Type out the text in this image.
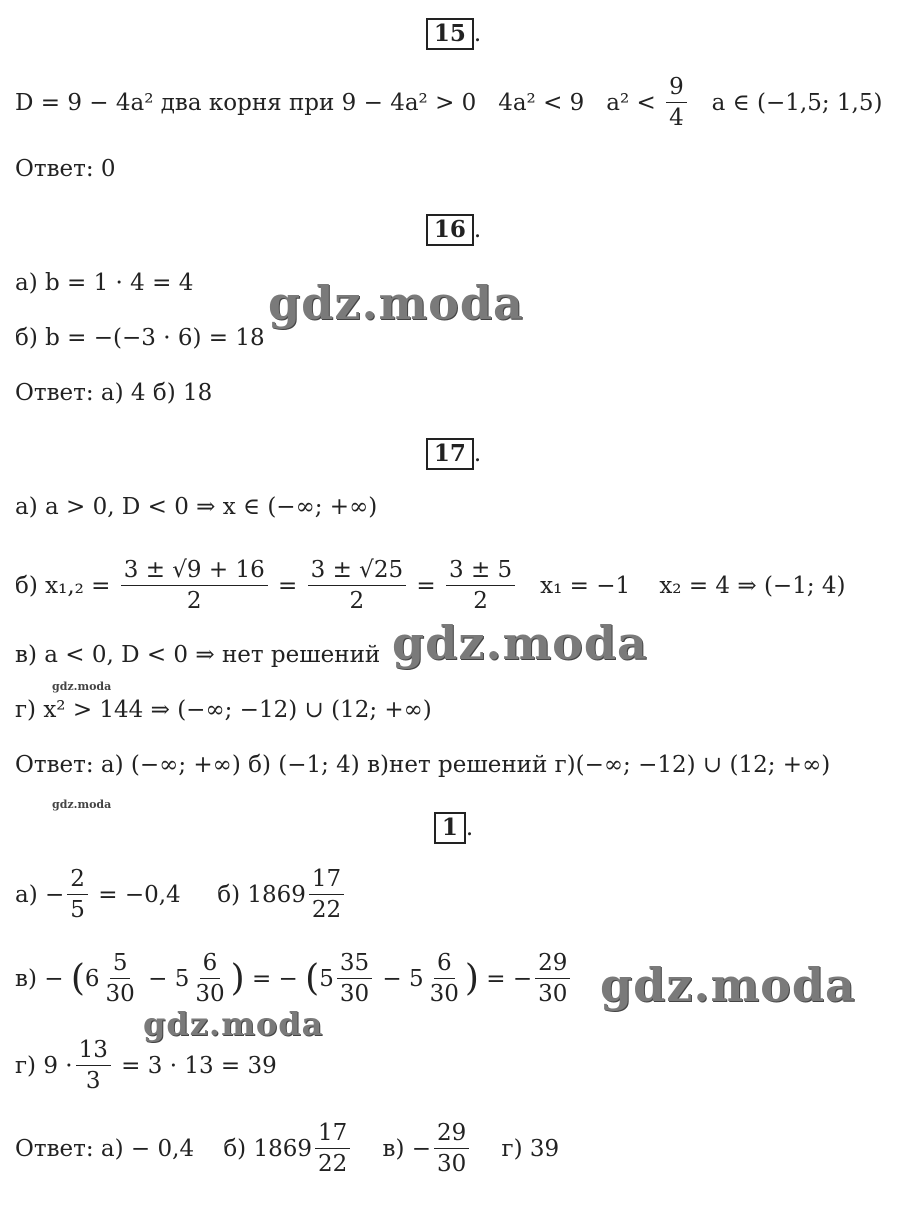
15 .
D = 9 − 4a² два корня при 9 − 4a² > 0   4a² < 9   $a^2 < \frac{9}{4}$ a ∈ (−1,5; 1,5)
Ответ: 0
16 .
а) b = 1 · 4 = 4
б) b = −(−3 · 6) = 18
Ответ: а) 4 б) 18
17 .
а) a > 0, D < 0 ⇒ x ∈ (−∞; +∞)
б) $x_1,_2 = \frac{3 \pm √9 + 16}{2} = \frac{3 \pm √25}{2} = \frac{3 \pm 5}{2} x_1 = -1$    x₂ = 4 ⇒ (−1; 4)
в) a < 0, D < 0 ⇒ нет решений
г) x² > 144 ⇒ (−∞; −12) ∪ (12; +∞)
Ответ: а) (−∞; +∞) б) (−1; 4) в)нет решений г)(−∞; −12) ∪ (12; +∞)
1 .
$а) - \frac{2}{5} = -0,4$     б) $1869 \frac{17}{22}$
в) − ( $6 \frac{5}{30} - 5 \frac{6}{30}$ ) = − ( $5 \frac{35}{30} - 5 \frac{6}{30}$ ) = − $\frac{29}{30}$
г) $9 \cdot \frac{13}{3} = 3 \cdot 13 = 39$
Ответ: а) − 0,4    б) $1869 \frac{17}{22} в) - \frac{29}{30} г$) 39
gdz.moda
gdz.moda
gdz.moda
gdz.moda
gdz.moda
gdz.moda
